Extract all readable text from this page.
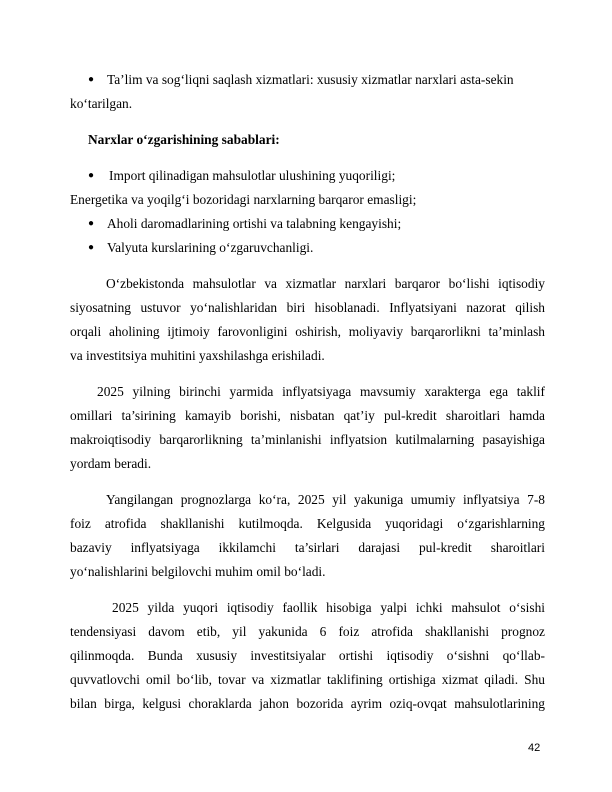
● Ta’lim va sog‘liqni saqlash xizmatlari: xususiy xizmatlar narxlari asta-sekin
ko‘tarilgan.
Narxlar o‘zgarishining sabablari:
● Import qilinadigan mahsulotlar ulushining yuqoriligi;
Energetika va yoqilg‘i bozoridagi narxlarning barqaror emasligi;
● Aholi daromadlarining ortishi va talabning kengayishi;
● Valyuta kurslarining o‘zgaruvchanligi.
O‘zbekistonda mahsulotlar va xizmatlar narxlari barqaror bo‘lishi iqtisodiy
siyosatning ustuvor yo‘nalishlaridan biri hisoblanadi. Inflyatsiyani nazorat qilish
orqali aholining ijtimoiy farovonligini oshirish, moliyaviy barqarorlikni ta’minlash
va investitsiya muhitini yaxshilashga erishiladi.
2025 yilning birinchi yarmida inflyatsiyaga mavsumiy xarakterga ega taklif
omillari ta’sirining kamayib borishi, nisbatan qat’iy pul-kredit sharoitlari hamda
makroiqtisodiy barqarorlikning ta’minlanishi inflyatsion kutilmalarning pasayishiga
yordam beradi.
Yangilangan prognozlarga ko‘ra, 2025 yil yakuniga umumiy inflyatsiya 7-8
foiz atrofida shakllanishi kutilmoqda. Kelgusida yuqoridagi o‘zgarishlarning
bazaviy inflyatsiyaga ikkilamchi ta’sirlari darajasi pul-kredit sharoitlari
yo‘nalishlarini belgilovchi muhim omil bo‘ladi.
2025 yilda yuqori iqtisodiy faollik hisobiga yalpi ichki mahsulot o‘sishi
tendensiyasi davom etib, yil yakunida 6 foiz atrofida shakllanishi prognoz
qilinmoqda. Bunda xususiy investitsiyalar ortishi iqtisodiy o‘sishni qo‘llab-
quvvatlovchi omil bo‘lib, tovar va xizmatlar taklifining ortishiga xizmat qiladi. Shu
bilan birga, kelgusi choraklarda jahon bozorida ayrim oziq-ovqat mahsulotlarining
42
